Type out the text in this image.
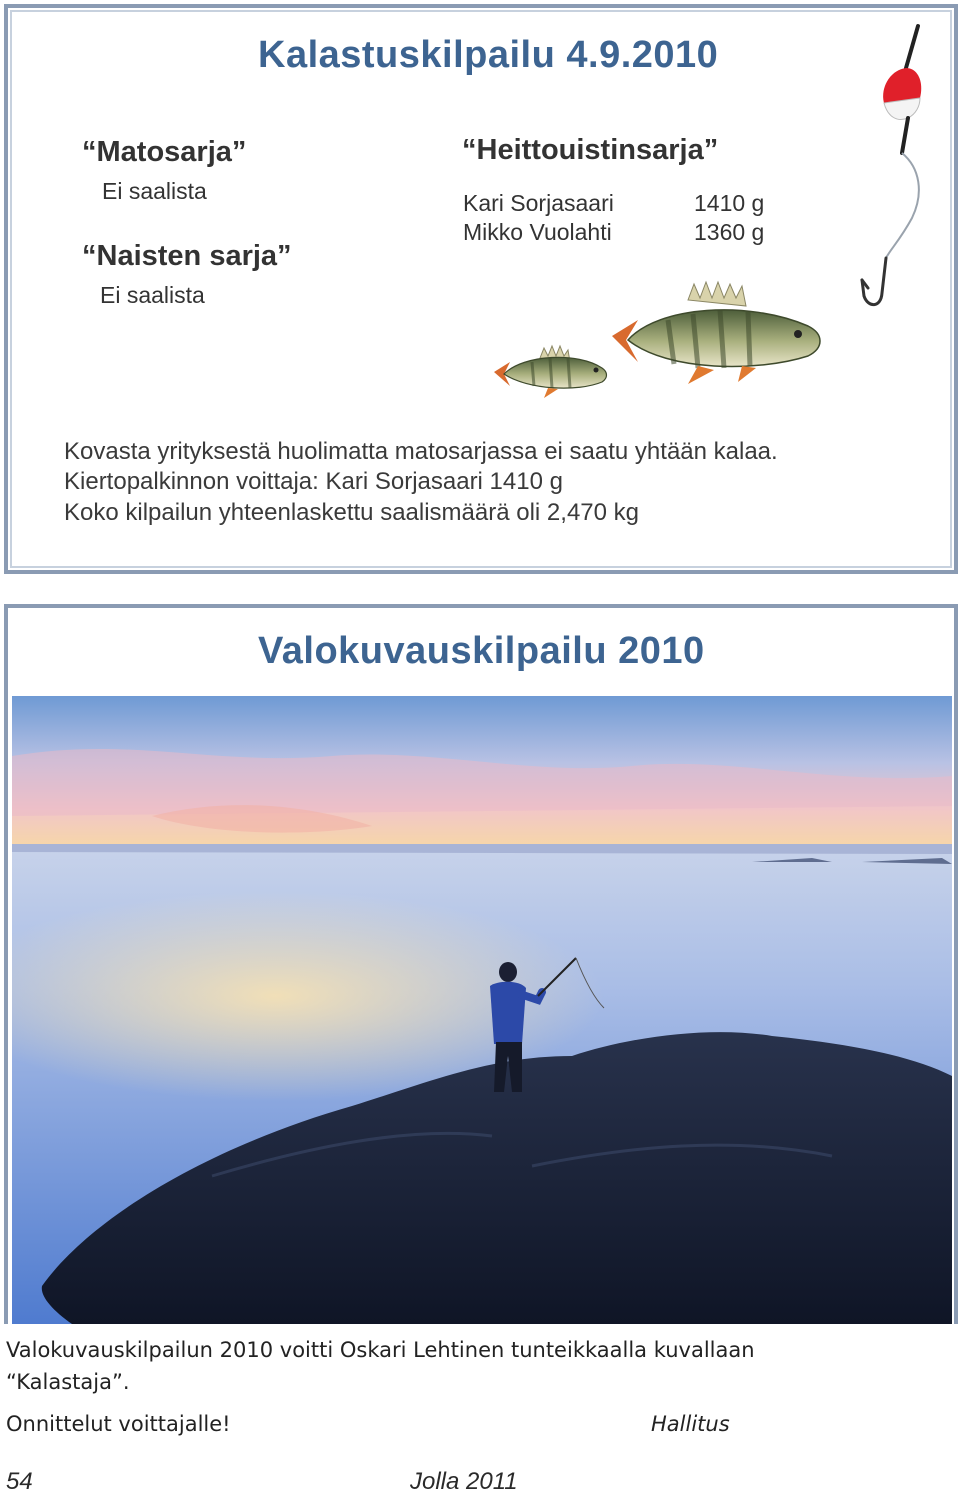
Kalastuskilpailu 4.9.2010
“Matosarja”
Ei saalista
“Naisten sarja”
Ei saalista
“Heittouistinsarja”
Kari Sorjasaari	1410 g
Mikko Vuolahti	1360 g
Kovasta yrityksestä huolimatta matosarjassa ei saatu yhtään kalaa.
Kiertopalkinnon voittaja: Kari Sorjasaari 1410 g
Koko kilpailun yhteenlaskettu saalismäärä oli 2,470 kg
Valokuvauskilpailu 2010
Valokuvauskilpailun 2010 voitti Oskari Lehtinen tunteikkaalla kuvallaan
“Kalastaja”.
Onnittelut voittajalle!	Hallitus
54	Jolla 2011
